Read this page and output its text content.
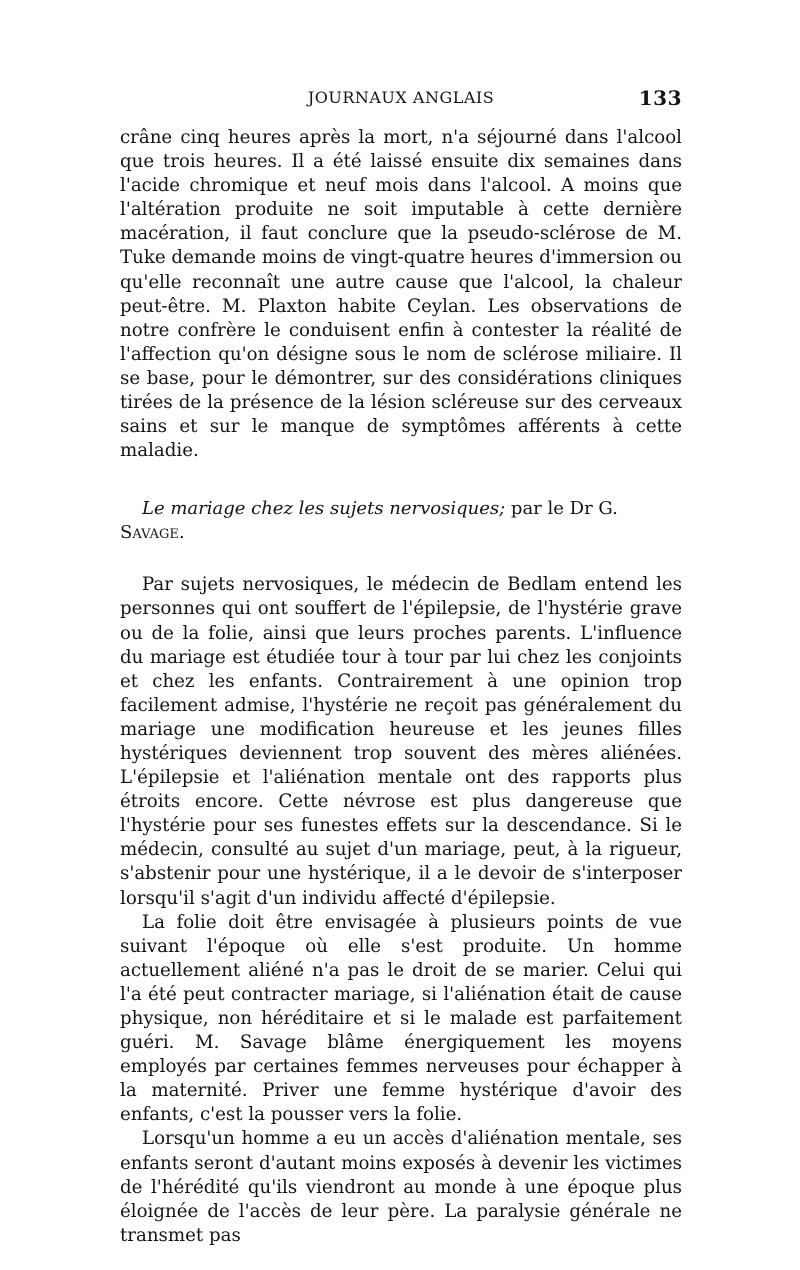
JOURNAUX ANGLAIS	133

crâne cinq heures après la mort, n'a séjourné dans l'alcool que trois heures. Il a été laissé ensuite dix semaines dans l'acide chromique et neuf mois dans l'alcool. A moins que l'altération produite ne soit imputable à cette dernière macération, il faut conclure que la pseudo-sclérose de M. Tuke demande moins de vingt-quatre heures d'immersion ou qu'elle reconnaît une autre cause que l'alcool, la chaleur peut-être. M. Plaxton habite Ceylan. Les observations de notre confrère le conduisent enfin à contester la réalité de l'affection qu'on désigne sous le nom de sclérose miliaire. Il se base, pour le démontrer, sur des considérations cliniques tirées de la présence de la lésion scléreuse sur des cerveaux sains et sur le manque de symptômes afférents à cette maladie.

Le mariage chez les sujets nervosiques; par le Dr G. Savage.

Par sujets nervosiques, le médecin de Bedlam entend les personnes qui ont souffert de l'épilepsie, de l'hystérie grave ou de la folie, ainsi que leurs proches parents. L'influence du mariage est étudiée tour à tour par lui chez les conjoints et chez les enfants. Contrairement à une opinion trop facilement admise, l'hystérie ne reçoit pas généralement du mariage une modification heureuse et les jeunes filles hystériques deviennent trop souvent des mères aliénées. L'épilepsie et l'aliénation mentale ont des rapports plus étroits encore. Cette névrose est plus dangereuse que l'hystérie pour ses funestes effets sur la descendance. Si le médecin, consulté au sujet d'un mariage, peut, à la rigueur, s'abstenir pour une hystérique, il a le devoir de s'interposer lorsqu'il s'agit d'un individu affecté d'épilepsie.

La folie doit être envisagée à plusieurs points de vue suivant l'époque où elle s'est produite. Un homme actuellement aliéné n'a pas le droit de se marier. Celui qui l'a été peut contracter mariage, si l'aliénation était de cause physique, non héréditaire et si le malade est parfaitement guéri. M. Savage blâme énergiquement les moyens employés par certaines femmes nerveuses pour échapper à la maternité. Priver une femme hystérique d'avoir des enfants, c'est la pousser vers la folie.

Lorsqu'un homme a eu un accès d'aliénation mentale, ses enfants seront d'autant moins exposés à devenir les victimes de l'hérédité qu'ils viendront au monde à une époque plus éloignée de l'accès de leur père. La paralysie générale ne transmet pas
